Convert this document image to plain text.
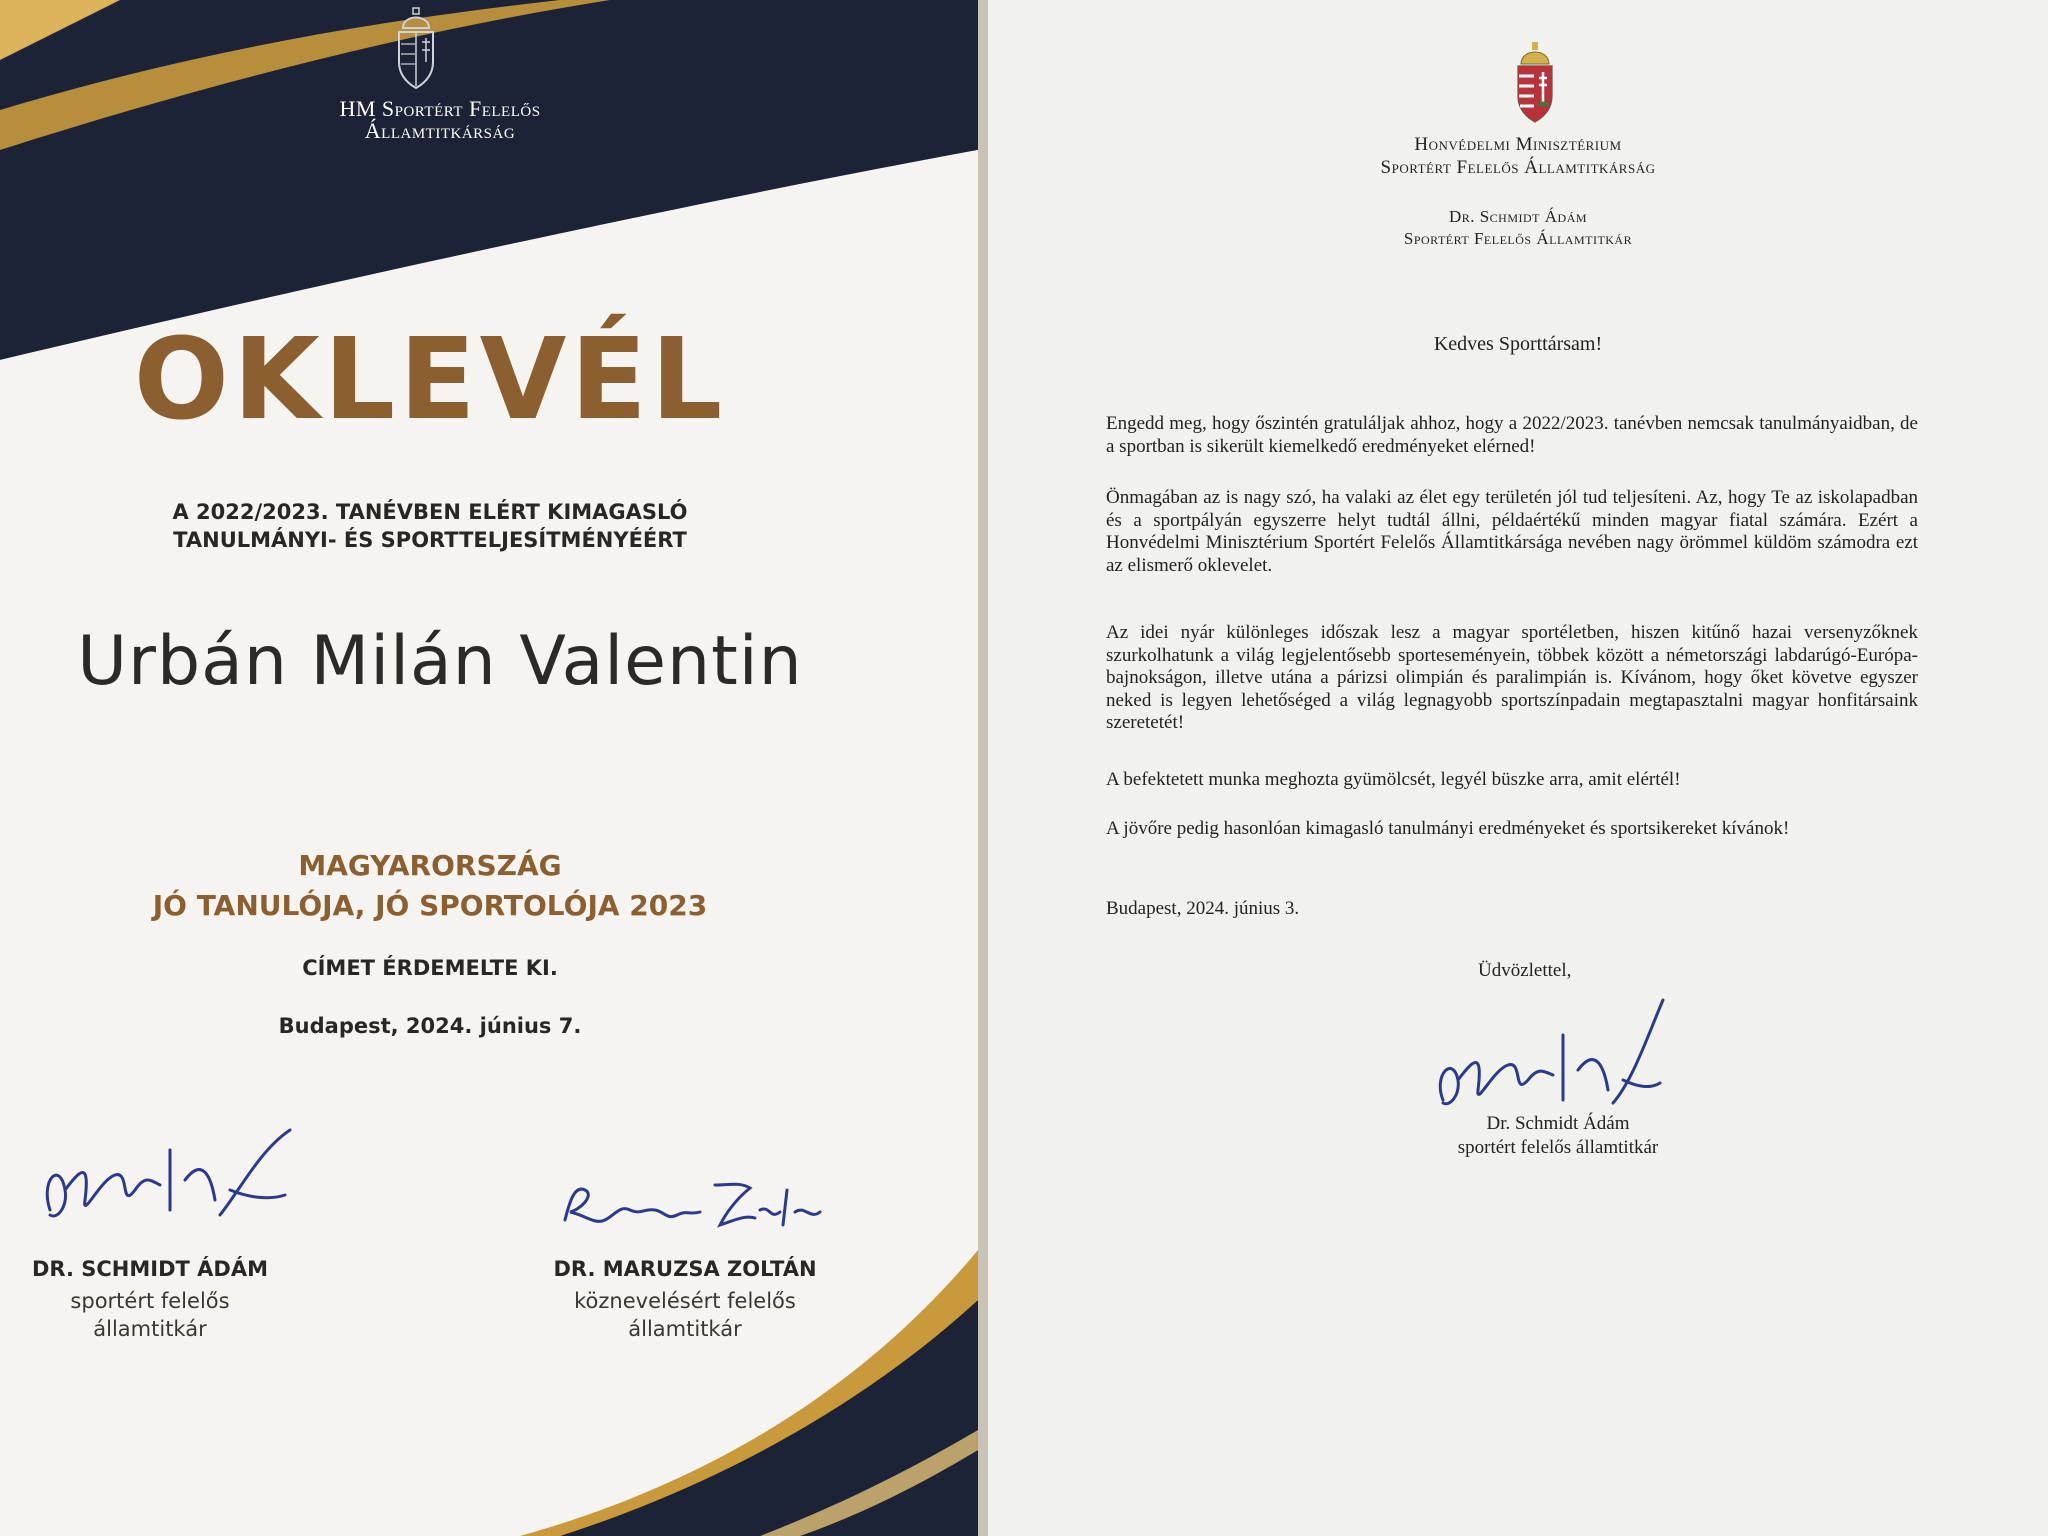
HM Sportért Felelős
Államtitkárság
OKLEVÉL
A 2022/2023. TANÉVBEN ELÉRT KIMAGASLÓ
TANULMÁNYI- ÉS SPORTTELJESÍTMÉNYÉÉRT
Urbán Milán Valentin
MAGYARORSZÁG
JÓ TANULÓJA, JÓ SPORTOLÓJA 2023
CÍMET ÉRDEMELTE KI.
Budapest, 2024. június 7.
DR. SCHMIDT ÁDÁM
sportért felelős
államtitkár
DR. MARUZSA ZOLTÁN
köznevelésért felelős
államtitkár
Honvédelmi Minisztérium
Sportért Felelős Államtitkárság
Dr. Schmidt Ádám
Sportért Felelős Államtitkár
Kedves Sporttársam!
Engedd meg, hogy őszintén gratuláljak ahhoz, hogy a 2022/2023. tanévben nemcsak tanulmányaidban, de a sportban is sikerült kiemelkedő eredményeket elérned!
Önmagában az is nagy szó, ha valaki az élet egy területén jól tud teljesíteni. Az, hogy Te az iskolapadban és a sportpályán egyszerre helyt tudtál állni, példaértékű minden magyar fiatal számára. Ezért a Honvédelmi Minisztérium Sportért Felelős Államtitkársága nevében nagy örömmel küldöm számodra ezt az elismerő oklevelet.
Az idei nyár különleges időszak lesz a magyar sportéletben, hiszen kitűnő hazai versenyzőknek szurkolhatunk a világ legjelentősebb sporteseményein, többek között a németországi labdarúgó-Európa-bajnokságon, illetve utána a párizsi olimpián és paralimpián is. Kívánom, hogy őket követve egyszer neked is legyen lehetőséged a világ legnagyobb sportszínpadain megtapasztalni magyar honfitársaink szeretetét!
A befektetett munka meghozta gyümölcsét, legyél büszke arra, amit elértél!
A jövőre pedig hasonlóan kimagasló tanulmányi eredményeket és sportsikereket kívánok!
Budapest, 2024. június 3.
Üdvözlettel,
Dr. Schmidt Ádám
sportért felelős államtitkár
